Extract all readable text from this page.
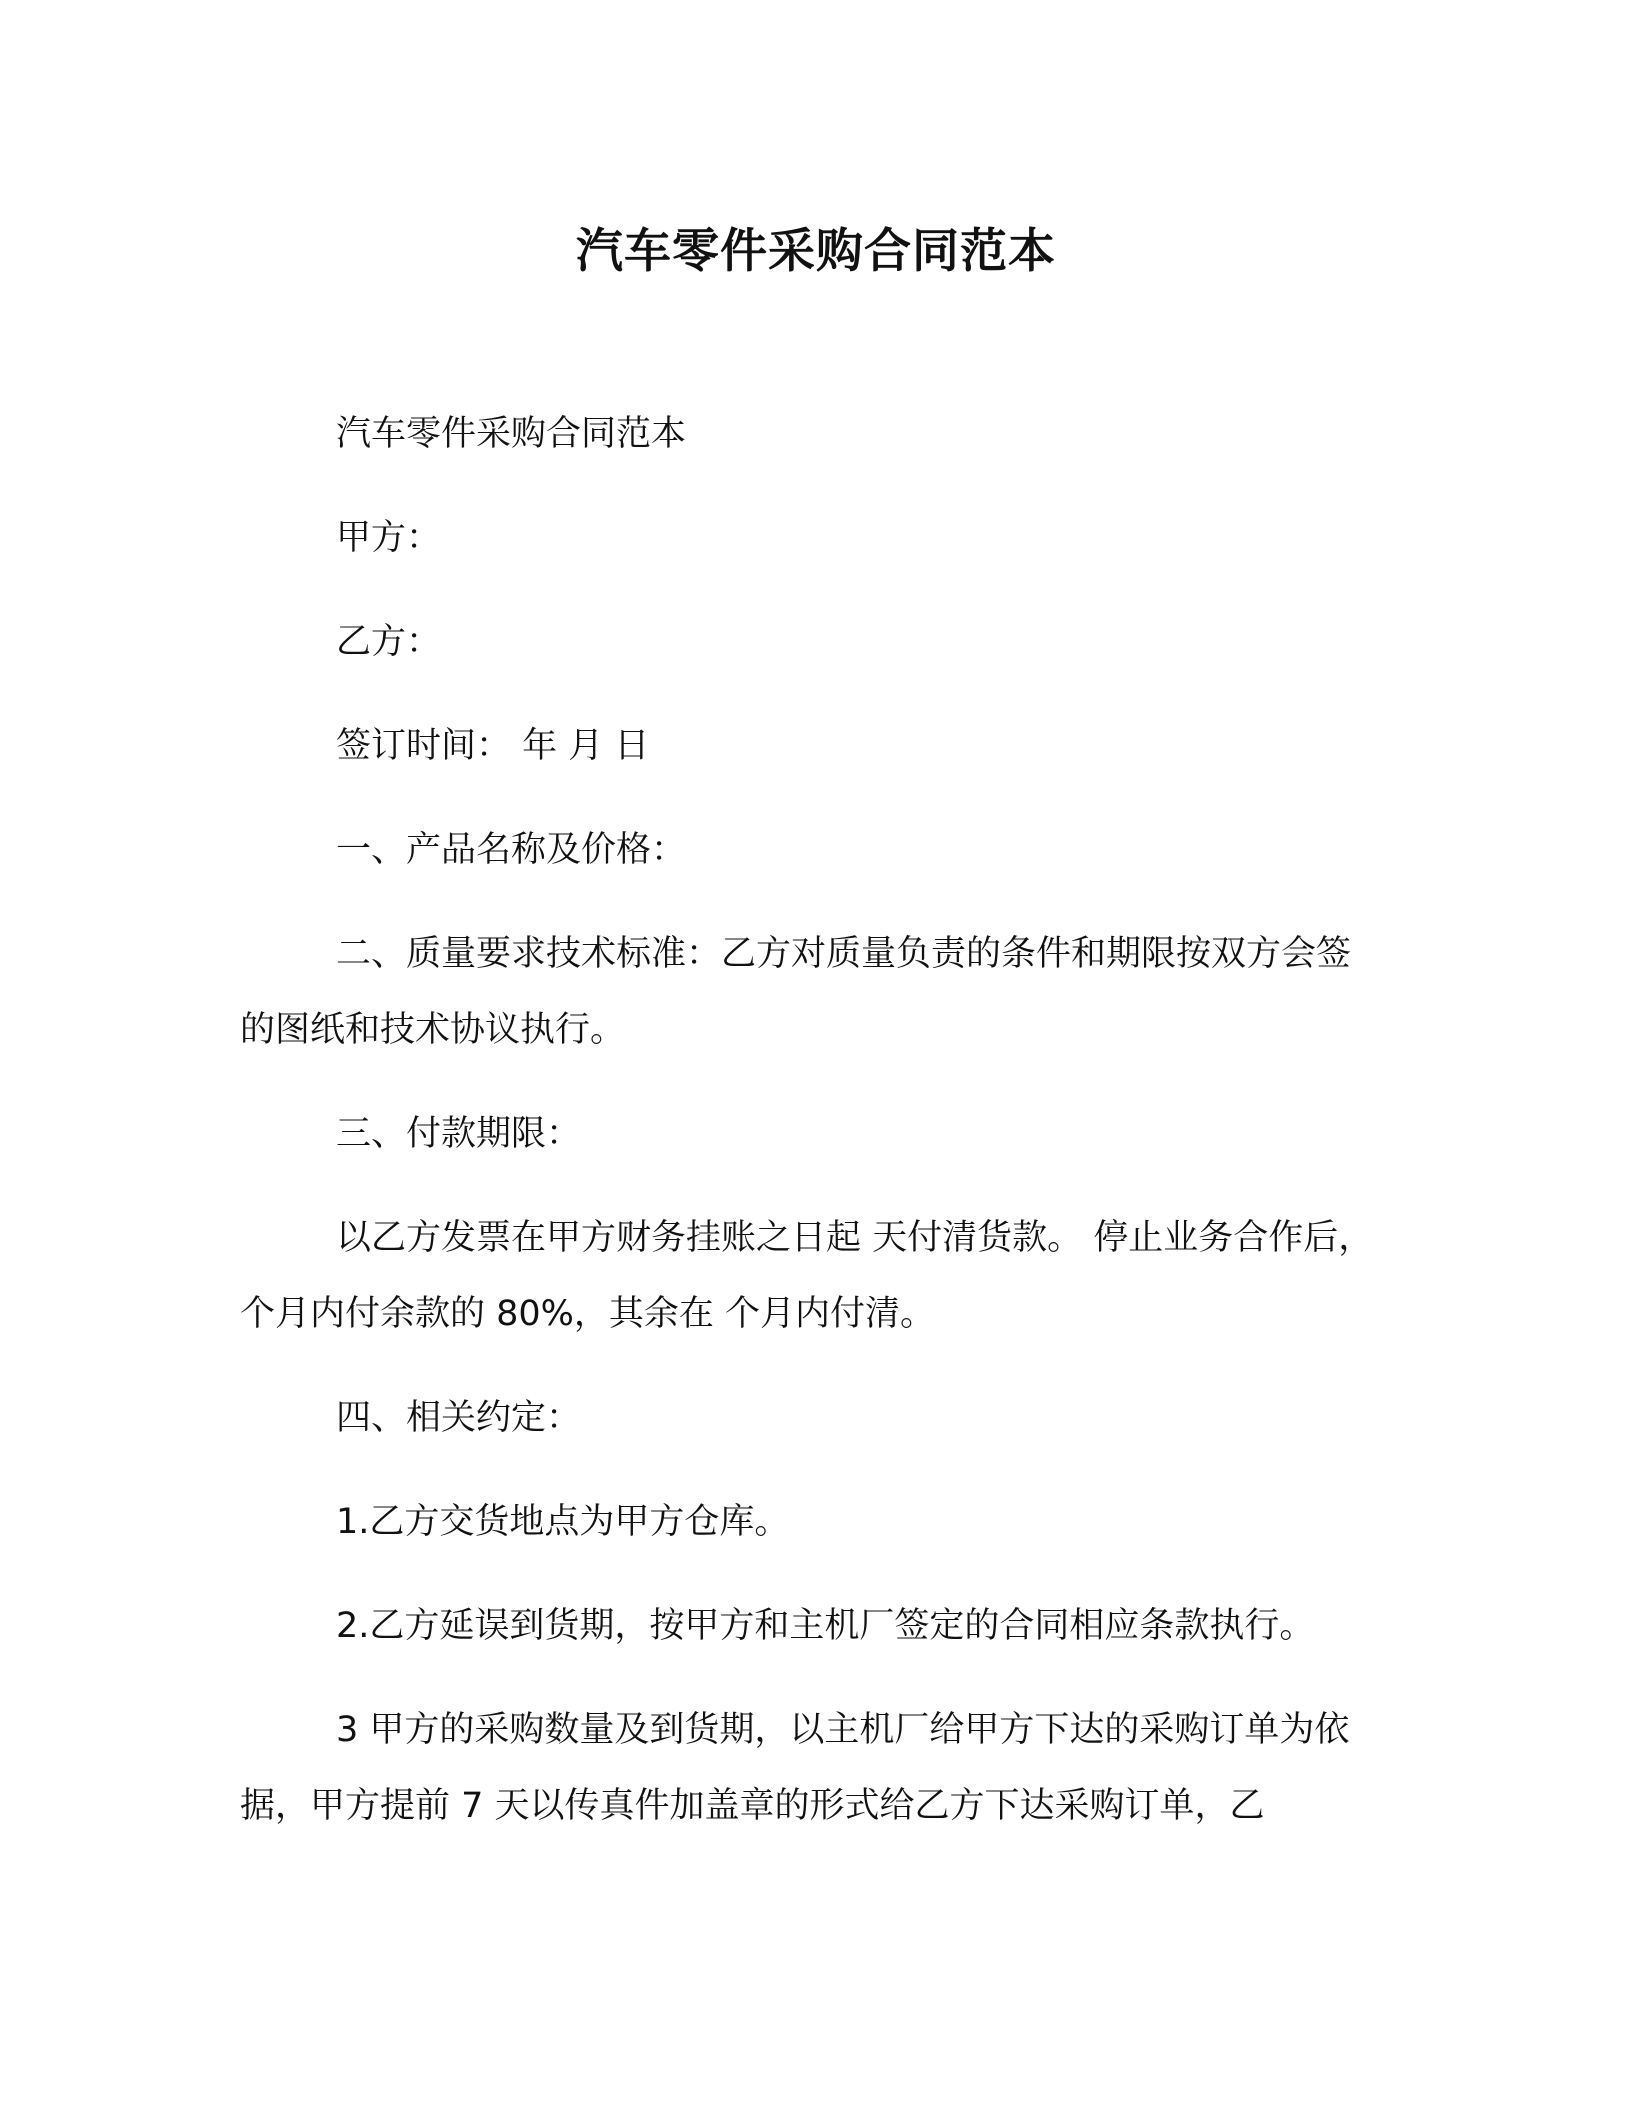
汽车零件采购合同范本

汽车零件采购合同范本

甲方：

乙方：

签订时间： 年 月 日

一、产品名称及价格：

二、质量要求技术标准：乙方对质量负责的条件和期限按双方会签的图纸和技术协议执行。

三、付款期限：

以乙方发票在甲方财务挂账之日起 天付清货款。 停止业务合作后，个月内付余款的 80%，其余在 个月内付清。

四、相关约定：

1.乙方交货地点为甲方仓库。

2.乙方延误到货期，按甲方和主机厂签定的合同相应条款执行。

3 甲方的采购数量及到货期，以主机厂给甲方下达的采购订单为依据，甲方提前 7 天以传真件加盖章的形式给乙方下达采购订单，乙
